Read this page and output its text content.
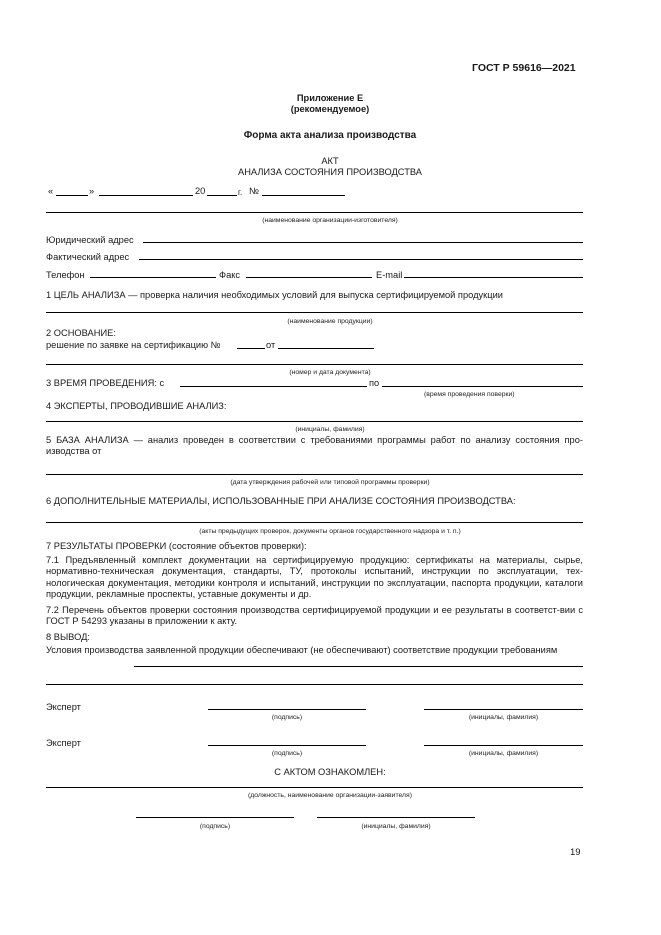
ГОСТ Р 59616—2021
Приложение Е
(рекомендуемое)
Форма акта анализа производства
АКТ
АНАЛИЗА СОСТОЯНИЯ ПРОИЗВОДСТВА
«	»	20	г. №
(наименование организации-изготовителя)
Юридический адрес
Фактический адрес
Телефон	Факс	E-mail
1 ЦЕЛЬ АНАЛИЗА — проверка наличия необходимых условий для выпуска сертифицируемой продукции
(наименование продукции)
2 ОСНОВАНИЕ:
решение по заявке на сертификацию №	от
(номер и дата документа)
3 ВРЕМЯ ПРОВЕДЕНИЯ: с	по
(время проведения поверки)
4 ЭКСПЕРТЫ, ПРОВОДИВШИЕ АНАЛИЗ:
(инициалы, фамилия)
5 БАЗА АНАЛИЗА — анализ проведен в соответствии с требованиями программы работ по анализу состояния про-изводства от
(дата утверждения рабочей или типовой программы проверки)
6 ДОПОЛНИТЕЛЬНЫЕ МАТЕРИАЛЫ, ИСПОЛЬЗОВАННЫЕ ПРИ АНАЛИЗЕ СОСТОЯНИЯ ПРОИЗВОДСТВА:
(акты предыдущих проверок, документы органов государственного надзора и т. п.)
7 РЕЗУЛЬТАТЫ ПРОВЕРКИ (состояние объектов проверки):
7.1 Предъявленный комплект документации на сертифицируемую продукцию: сертификаты на материалы, сырье, нормативно-техническая документация, стандарты, ТУ, протоколы испытаний, инструкции по эксплуатации, тех-нологическая документация, методики контроля и испытаний, инструкции по эксплуатации, паспорта продукции, каталоги продукции, рекламные проспекты, уставные документы и др.
7.2 Перечень объектов проверки состояния производства сертифицируемой продукции и ее результаты в соответст-вии с ГОСТ Р 54293 указаны в приложении к акту.
8 ВЫВОД:
Условия производства заявленной продукции обеспечивают (не обеспечивают) соответствие продукции требованиям
Эксперт
(подпись)	(инициалы, фамилия)
Эксперт
(подпись)	(инициалы, фамилия)
С АКТОМ ОЗНАКОМЛЕН:
(должность, наименование организации-заявителя)
(подпись)	(инициалы, фамилия)
19
